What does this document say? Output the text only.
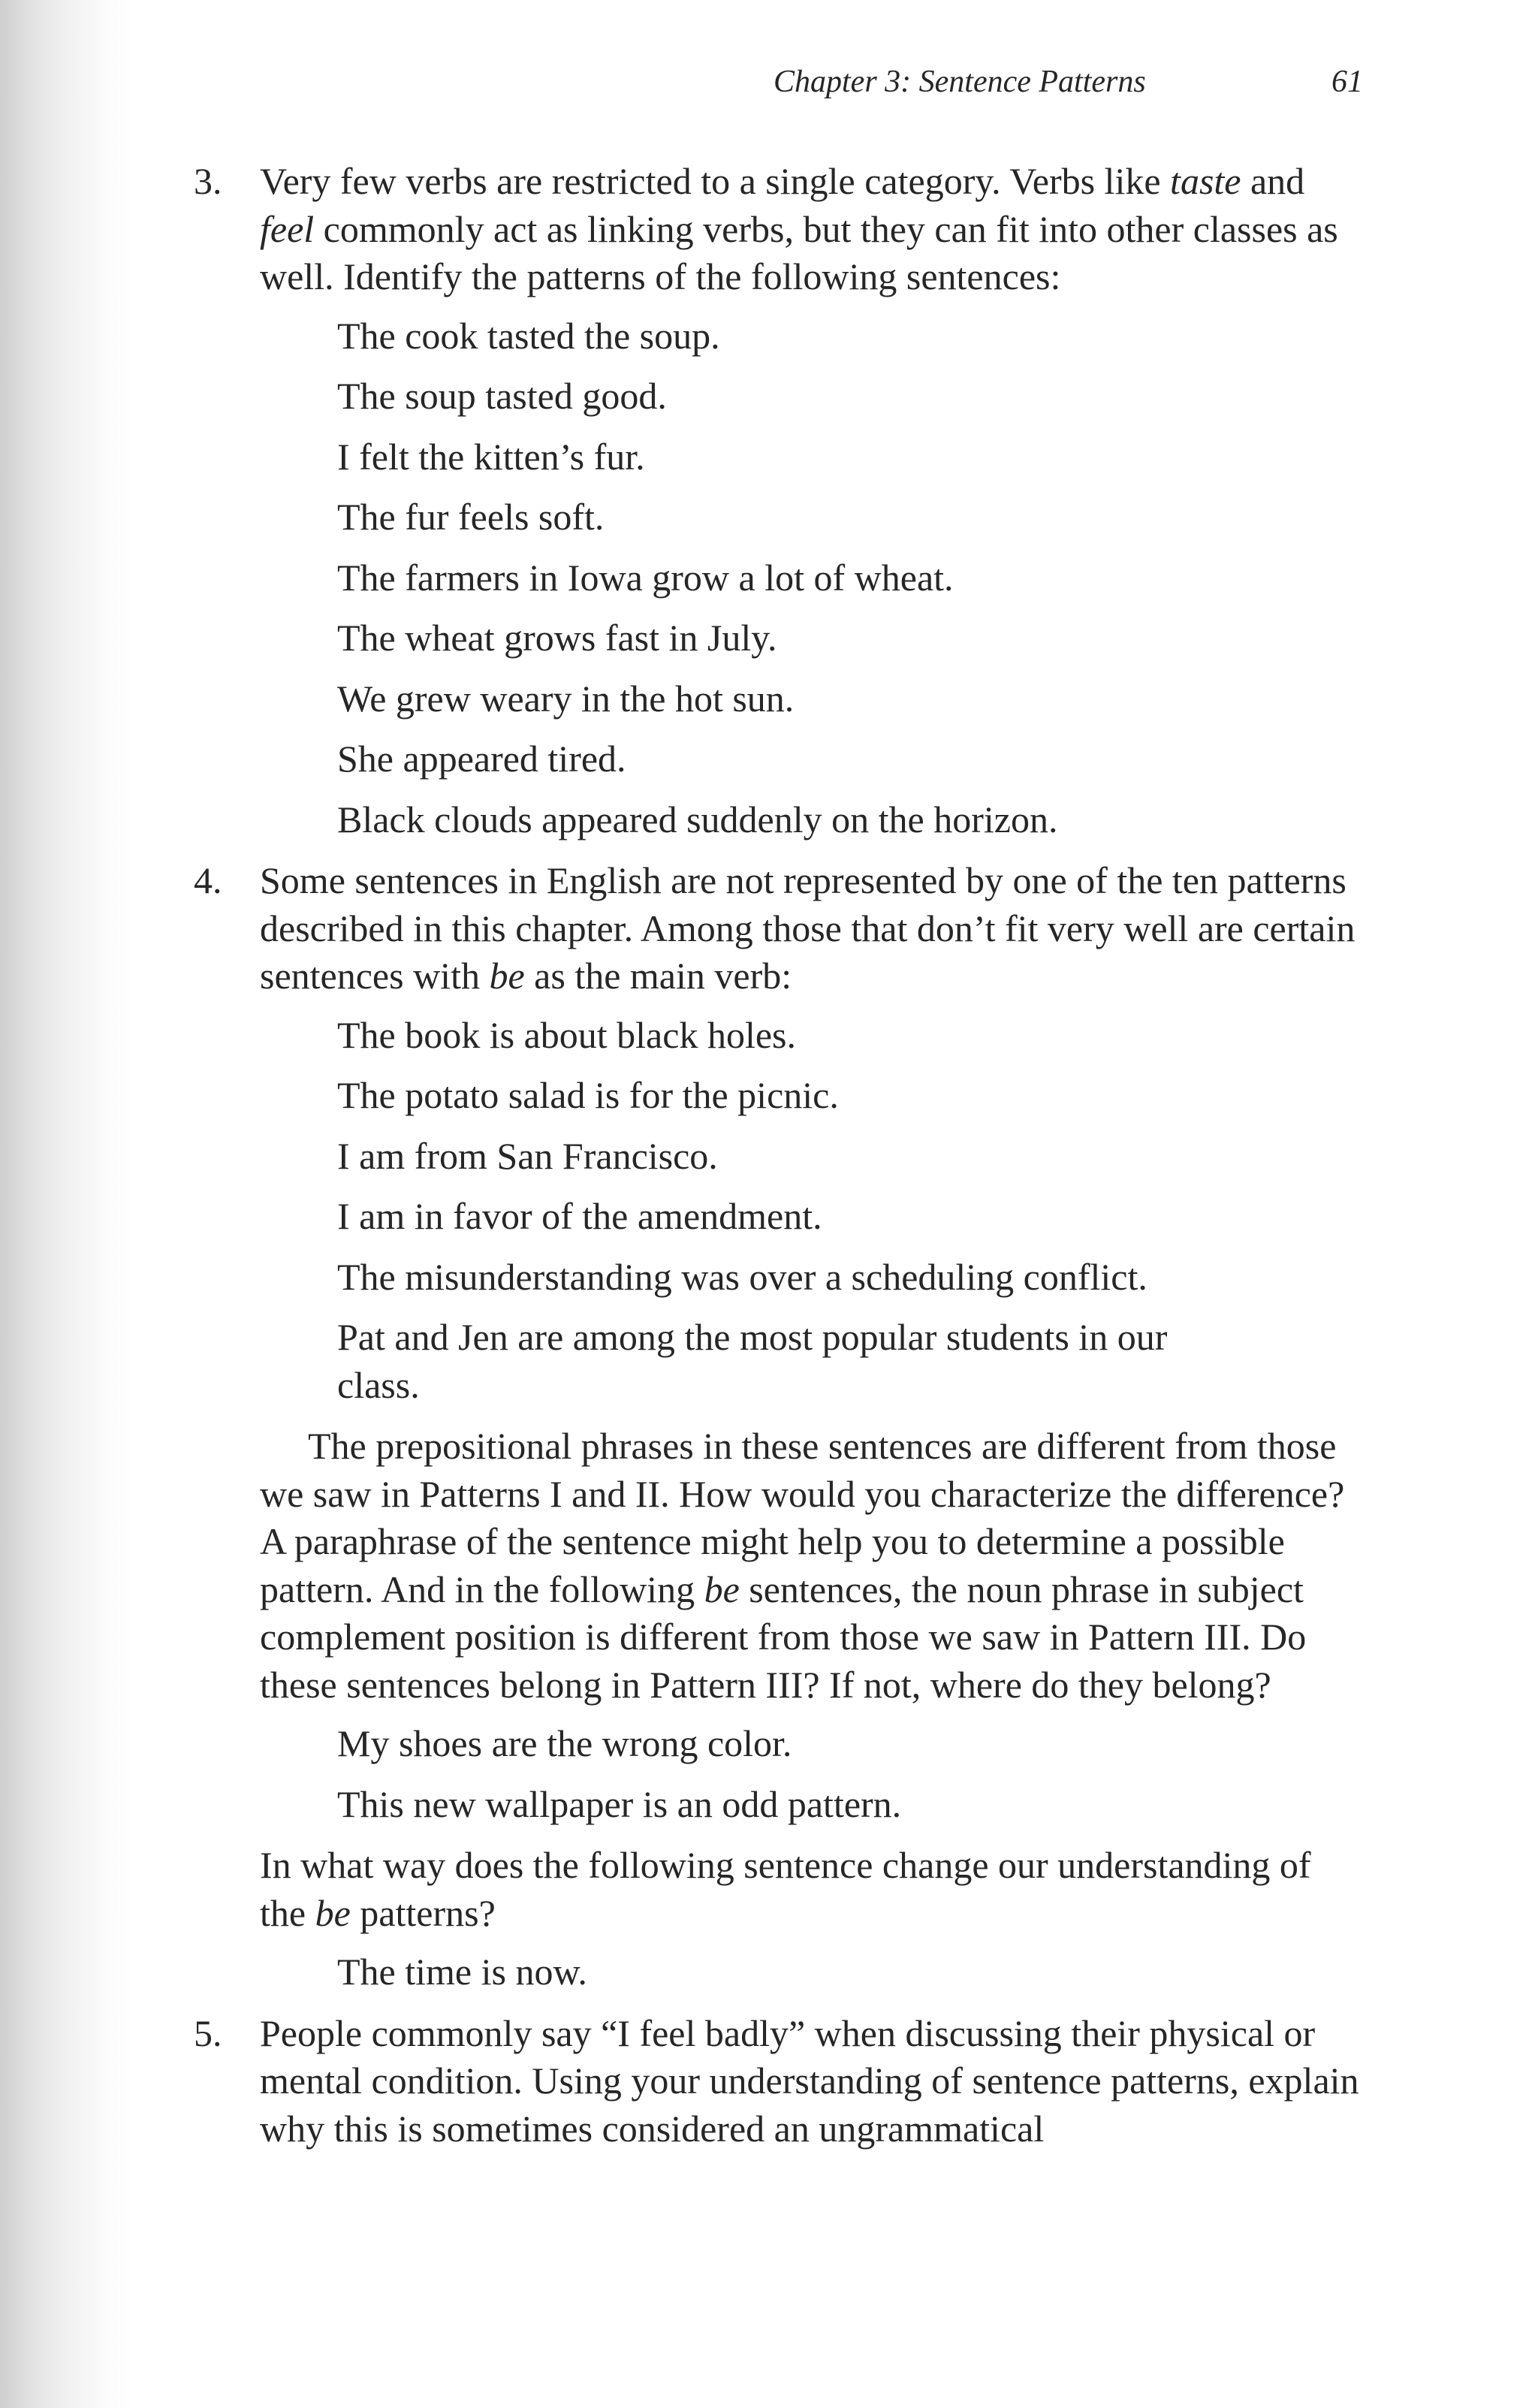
Chapter 3: Sentence Patterns	61
3. Very few verbs are restricted to a single category. Verbs like taste and feel commonly act as linking verbs, but they can fit into other classes as well. Identify the patterns of the following sentences:

The cook tasted the soup.
The soup tasted good.
I felt the kitten’s fur.
The fur feels soft.
The farmers in Iowa grow a lot of wheat.
The wheat grows fast in July.
We grew weary in the hot sun.
She appeared tired.
Black clouds appeared suddenly on the horizon.
4. Some sentences in English are not represented by one of the ten patterns described in this chapter. Among those that don’t fit very well are certain sentences with be as the main verb:

The book is about black holes.
The potato salad is for the picnic.
I am from San Francisco.
I am in favor of the amendment.
The misunderstanding was over a scheduling conflict.
Pat and Jen are among the most popular students in our class.

The prepositional phrases in these sentences are different from those we saw in Patterns I and II. How would you characterize the difference? A paraphrase of the sentence might help you to determine a possible pattern. And in the following be sentences, the noun phrase in subject complement position is different from those we saw in Pattern III. Do these sentences belong in Pattern III? If not, where do they belong?

My shoes are the wrong color.
This new wallpaper is an odd pattern.

In what way does the following sentence change our understanding of the be patterns?

The time is now.
5. People commonly say “I feel badly” when discussing their physical or mental condition. Using your understanding of sentence patterns, explain why this is sometimes considered an ungrammatical
